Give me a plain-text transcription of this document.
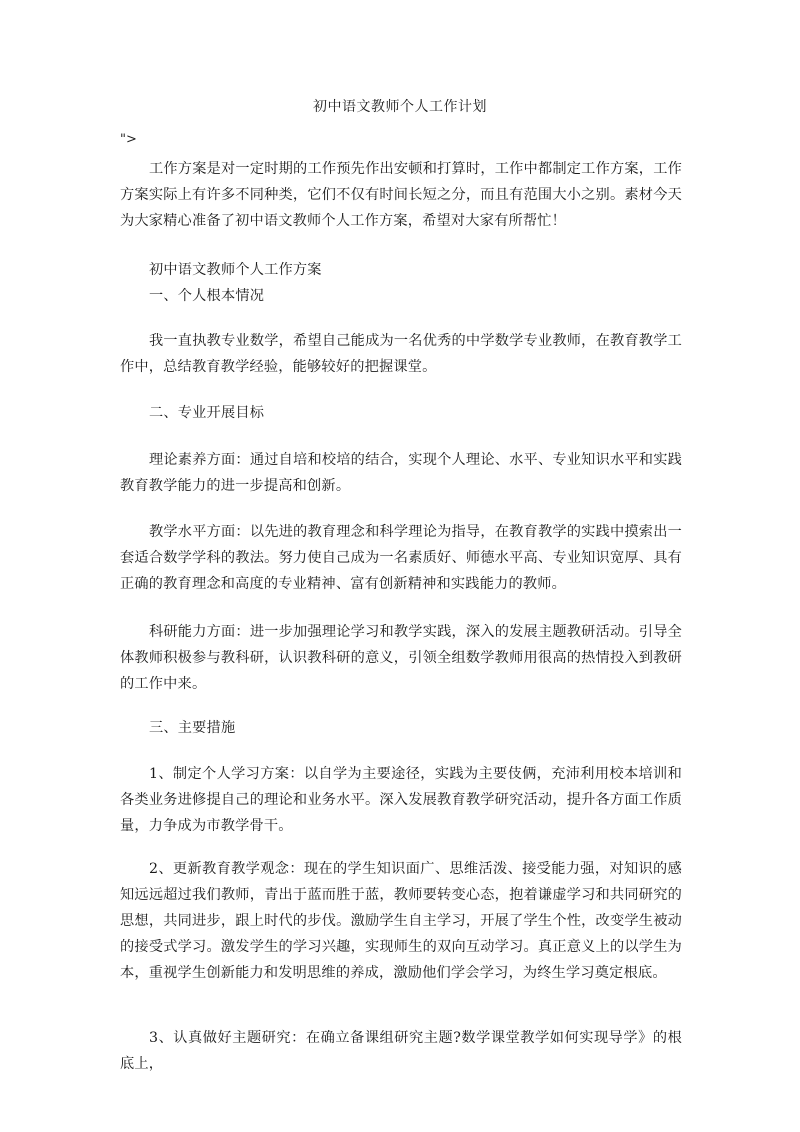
初中语文教师个人工作计划
">

工作方案是对一定时期的工作预先作出安顿和打算时，工作中都制定工作方案，工作方案实际上有许多不同种类，它们不仅有时间长短之分，而且有范围大小之别。素材今天为大家精心准备了初中语文教师个人工作方案，希望对大家有所帮忙！

初中语文教师个人工作方案

一、个人根本情况

我一直执教专业数学，希望自己能成为一名优秀的中学数学专业教师，在教育教学工作中，总结教育教学经验，能够较好的把握课堂。

二、专业开展目标

理论素养方面：通过自培和校培的结合，实现个人理论、水平、专业知识水平和实践教育教学能力的进一步提高和创新。

教学水平方面：以先进的教育理念和科学理论为指导，在教育教学的实践中摸索出一套适合数学学科的教法。努力使自己成为一名素质好、师德水平高、专业知识宽厚、具有正确的教育理念和高度的专业精神、富有创新精神和实践能力的教师。

科研能力方面：进一步加强理论学习和教学实践，深入的发展主题教研活动。引导全体教师积极参与教科研，认识教科研的意义，引领全组数学教师用很高的热情投入到教研的工作中来。

三、主要措施

1、制定个人学习方案：以自学为主要途径，实践为主要伎俩，充沛利用校本培训和各类业务进修提自己的理论和业务水平。深入发展教育教学研究活动，提升各方面工作质量，力争成为市教学骨干。

2、更新教育教学观念：现在的学生知识面广、思维活泼、接受能力强，对知识的感知远远超过我们教师，青出于蓝而胜于蓝，教师要转变心态，抱着谦虚学习和共同研究的思想，共同进步，跟上时代的步伐。激励学生自主学习，开展了学生个性，改变学生被动的接受式学习。激发学生的学习兴趣，实现师生的双向互动学习。真正意义上的以学生为本，重视学生创新能力和发明思维的养成，激励他们学会学习，为终生学习奠定根底。

3、认真做好主题研究：在确立备课组研究主题?数学课堂教学如何实现导学》的根底上，
